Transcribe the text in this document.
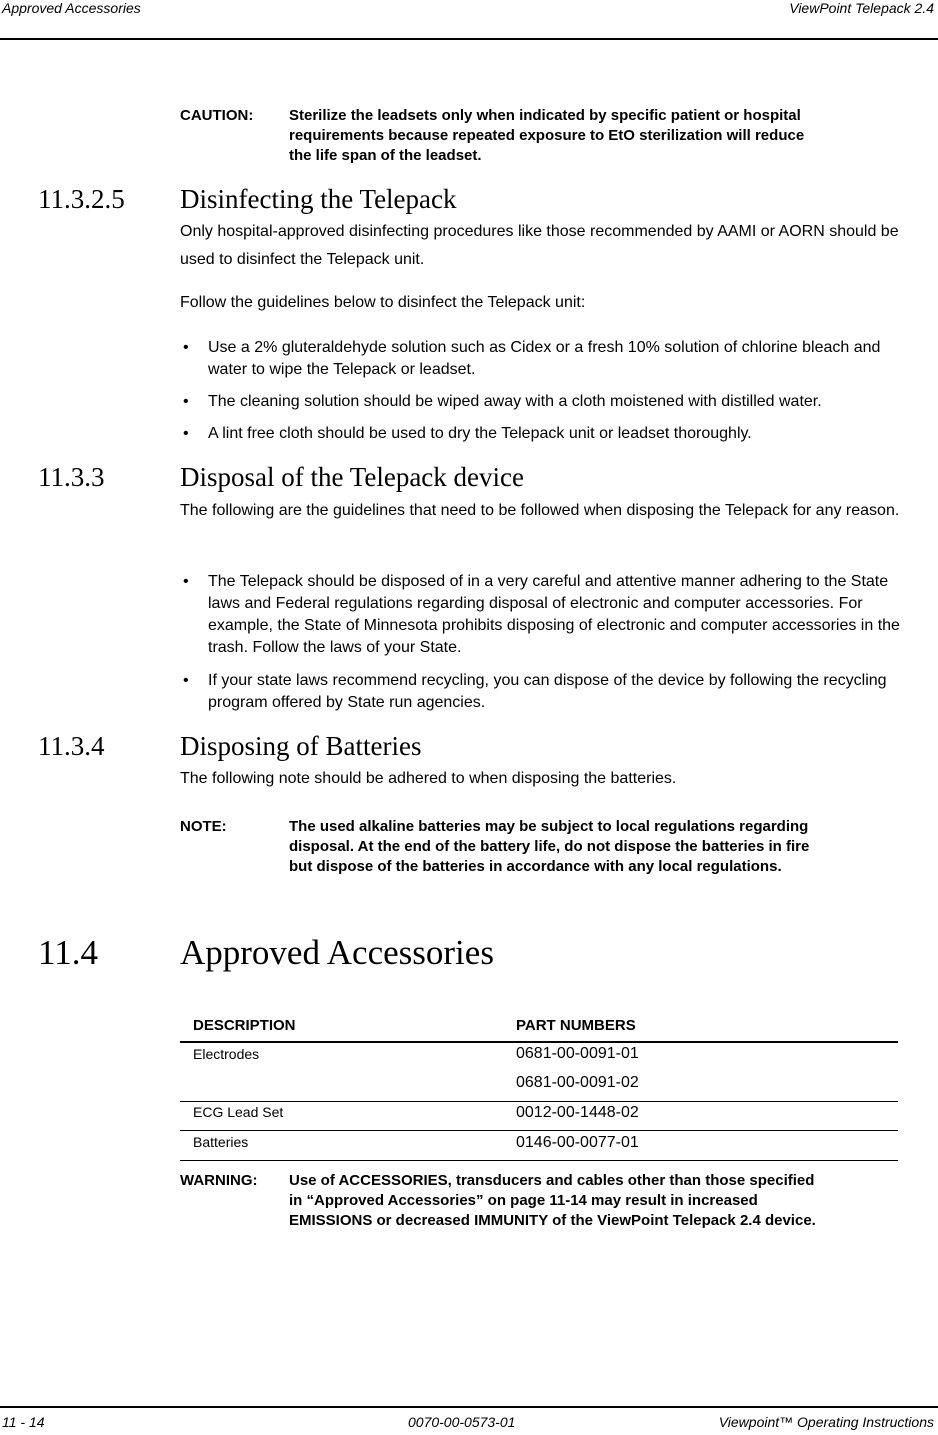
Approved Accessories	ViewPoint Telepack 2.4
CAUTION: Sterilize the leadsets only when indicated by specific patient or hospital requirements because repeated exposure to EtO sterilization will reduce the life span of the leadset.
11.3.2.5 Disinfecting the Telepack
Only hospital-approved disinfecting procedures like those recommended by AAMI or AORN should be used to disinfect the Telepack unit.
Follow the guidelines below to disinfect the Telepack unit:
• Use a 2% gluteraldehyde solution such as Cidex or a fresh 10% solution of chlorine bleach and water to wipe the Telepack or leadset.
• The cleaning solution should be wiped away with a cloth moistened with distilled water.
• A lint free cloth should be used to dry the Telepack unit or leadset thoroughly.
11.3.3	Disposal of the Telepack device
The following are the guidelines that need to be followed when disposing the Telepack for any reason.
• The Telepack should be disposed of in a very careful and attentive manner adhering to the State laws and Federal regulations regarding disposal of electronic and computer accessories. For example, the State of Minnesota prohibits disposing of electronic and computer accessories in the trash. Follow the laws of your State.
• If your state laws recommend recycling, you can dispose of the device by following the recycling program offered by State run agencies.
11.3.4	Disposing of Batteries
The following note should be adhered to when disposing the batteries.
NOTE:	The used alkaline batteries may be subject to local regulations regarding disposal. At the end of the battery life, do not dispose the batteries in fire but dispose of the batteries in accordance with any local regulations.
11.4 Approved Accessories
DESCRIPTION	PART NUMBERS
Electrodes	0681-00-0091-01
0681-00-0091-02
ECG Lead Set	0012-00-1448-02
Batteries	0146-00-0077-01
WARNING: Use of ACCESSORIES, transducers and cables other than those specified in “Approved Accessories” on page 11-14 may result in increased EMISSIONS or decreased IMMUNITY of the ViewPoint Telepack 2.4 device.
11 - 14	0070-00-0573-01	Viewpoint™ Operating Instructions
